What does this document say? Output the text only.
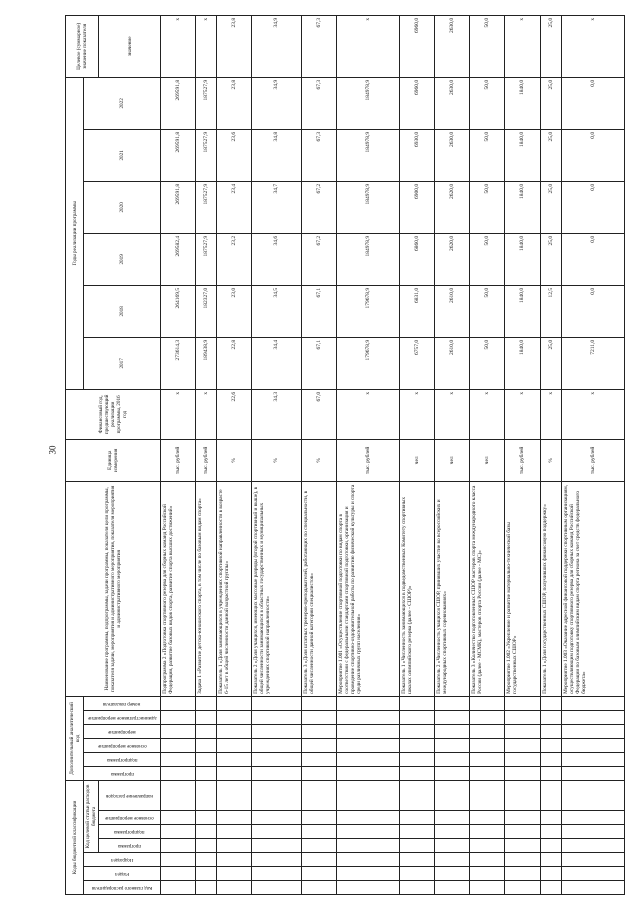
30
Коды бюджетной классификации							Дополнительный аналитический код						Наименование программы, подпрограммы, задачи программы, показателя цели программы, показателя задачи, мероприятия и административного мероприятия, показателя мероприятия и административного мероприятия	Единица измерения	Финансовый год, предшествующий реализации программы, 2016 год	Годы реализации программы						Целевое (суммарное) значение показателя

Код главного распорядителя	Раздел	Подраздел	Код целевой статьи расходов бюджета				программа	подпрограмма	основное мероприятие	мероприятие	административное мероприятие	номер показателя				2017	2018	2019	2020	2021	2022	

			программа	подпрограмма	основное мероприятие	направление расходов																значение
													Подпрограмма 2 «Подготовка спортивного резерва для сборных команд Российской Федерации, развитие базовых видов спорта, развитие спорта высших достижений»	тыс. рублей	х	273614,3	264169,5	269582,4	269591,8	269591,8	269591,8	х
													Задача 1 «Развитие детско-юношеского спорта, в том числе по базовым видам спорта»	тыс. рублей	х	189438,9	182327,0	187527,9	187527,9	187527,9	187527,9	х
													Показатель 1 «Доля занимающихся в учреждениях спортивной направленности в возрасте 6-15 лет в общей численности данной возрастной группы»	%	22,6	22,8	23,0	23,2	23,4	23,6	23,8	23,8
													Показатель 2 «Доля учащихся, имеющих массовые разряды (второй спортивный и выше), в общей численности занимающихся в областных государственных и муниципальных учреждениях спортивной направленности»	%	34,3	34,4	34,5	34,6	34,7	34,8	34,9	34,9
													Показатель 3 «Доля штатных тренеров-преподавателей, работающих по специальности, в общей численности данной категории специалистов»	%	67,0	67,1	67,1	67,2	67,2	67,3	67,3	67,3
													Мероприятие 1.001 «Осуществление спортивной подготовки по видам спорта в соответствии с федеральными стандартами спортивной подготовки, организация и проведение спортивно-оздоровительной работы по развитию физической культуры и спорта среди различных групп населения»	тыс. рублей	х	179678,9	179678,9	184978,9	184978,9	184978,9	184978,9	х
													Показатель 1 «Численность занимающихся в подведомственных Комитету спортивных школах олимпийского резерва (далее - СШОР)»	чел	х	6757,0	6831,0	6860,0	6900,0	6930,0	6960,0	6960,0
													Показатель 2 «Численность учащихся СШОР, принявших участие во всероссийских и международных спортивных соревнованиях»	чел	х	2610,0	2610,0	2620,0	2620,0	2630,0	2630,0	2630,0
													Показатель 3 «Количество подготовленных СШОР мастеров спорта международного класса России (далее - МСМК), мастеров спорта России (далее - МС)»	чел	х	50,0	50,0	50,0	50,0	50,0	50,0	50,0
													Мероприятие 1.002 «Укрепление и развитие материально-технической базы государственных СШОР»	тыс. рублей	х	1840,0	1840,0	1840,0	1840,0	1840,0	1840,0	х
													Показатель 1 «Доля государственных СШОР, получивших финансовую поддержку»	%	х	25,0	12,5	25,0	25,0	25,0	25,0	25,0
													Мероприятие 1.003 «Оказание адресной финансовой поддержки спортивным организациям, осуществляющим подготовку спортивного резерва для сборных команд Российской Федерации по базовым олимпийским видам спорта региона за счет средств федерального бюджета»	тыс. рублей	х	7211,0	0,0	0,0	0,0	0,0	0,0	х
